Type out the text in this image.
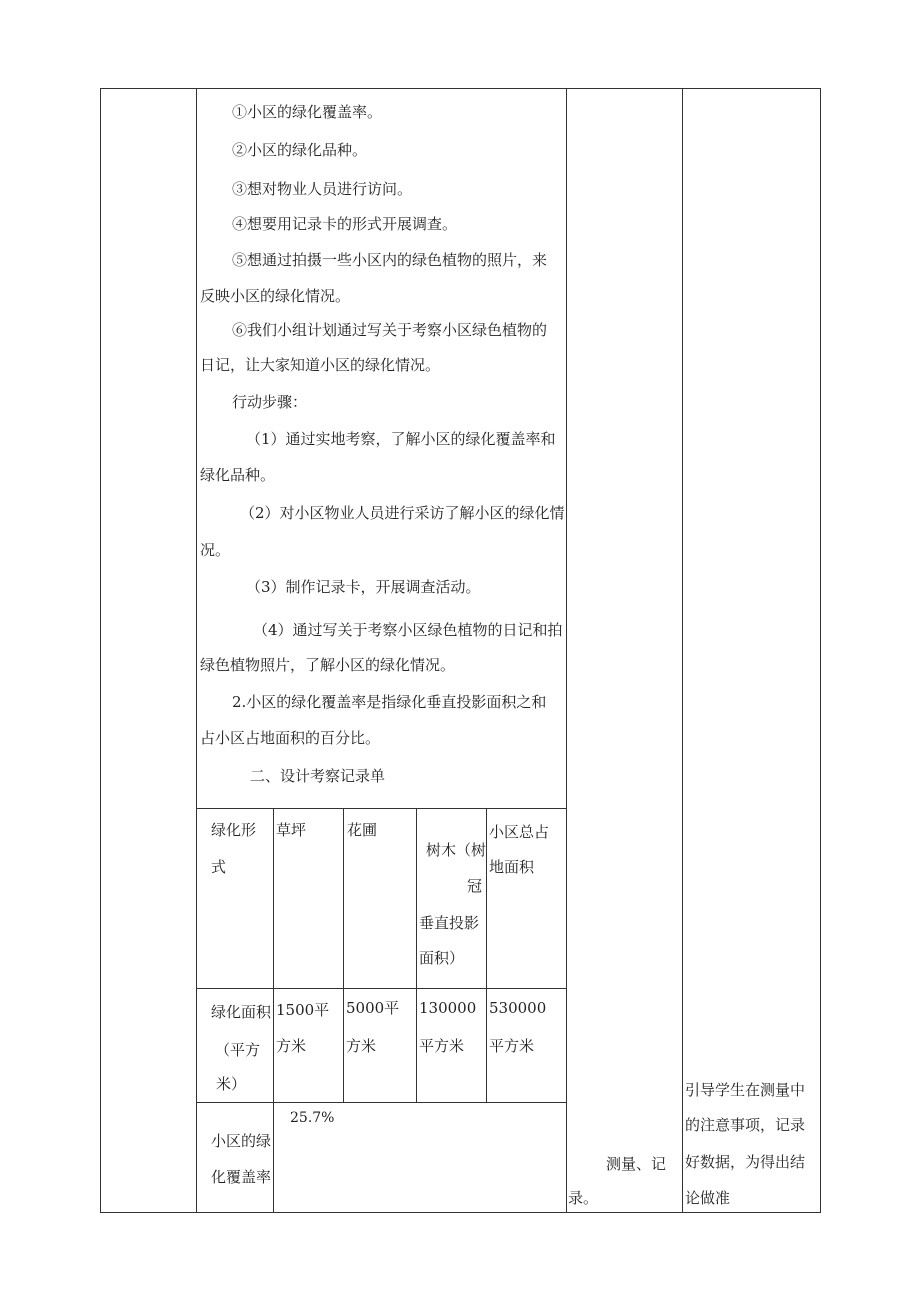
①小区的绿化覆盖率。
②小区的绿化品种。
③想对物业人员进行访问。
④想要用记录卡的形式开展调查。
⑤想通过拍摄一些小区内的绿色植物的照片，来
反映小区的绿化情况。
⑥我们小组计划通过写关于考察小区绿色植物的
日记，让大家知道小区的绿化情况。
行动步骤：
（1）通过实地考察，了解小区的绿化覆盖率和
绿化品种。
（2）对小区物业人员进行采访了解小区的绿化情
况。
（3）制作记录卡，开展调查活动。
（4）通过写关于考察小区绿色植物的日记和拍
绿色植物照片，了解小区的绿化情况。
2.小区的绿化覆盖率是指绿化垂直投影面积之和
占小区占地面积的百分比。
二、设计考察记录单
绿化形
式
草坪	花圃
树木（树
冠
垂直投影
面积）
小区总占
地面积
绿化面积
（平方
米）
1500平
方米
5000平
方米
130000
平方米
530000
平方米
小区的绿
化覆盖率
25.7%
测量、记
录。
引导学生在测量中
的注意事项，记录
好数据，为得出结
论做准
